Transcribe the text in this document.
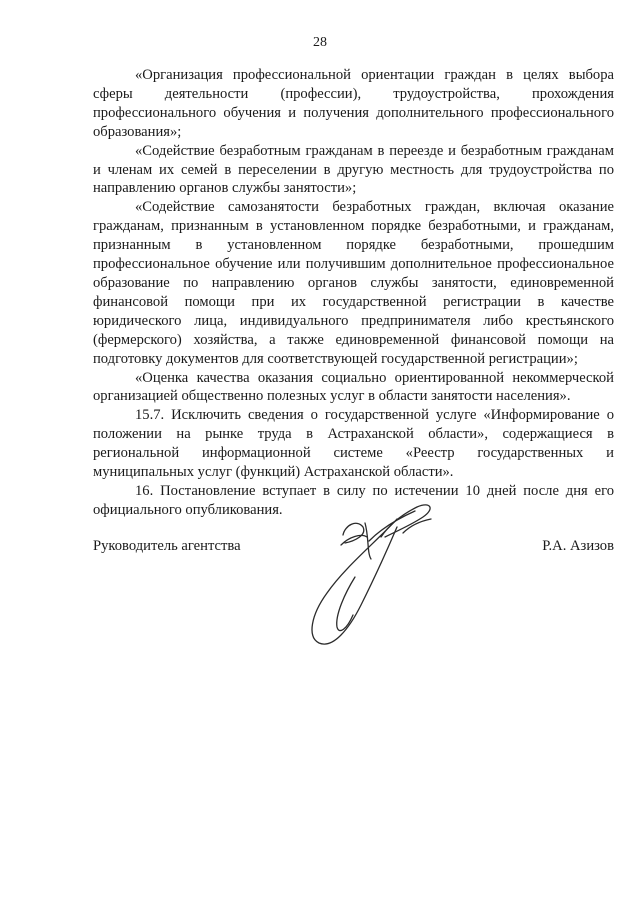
28

«Организация профессиональной ориентации граждан в целях выбора сферы деятельности (профессии), трудоустройства, прохождения профессионального обучения и получения дополнительного профессионального образования»;

«Содействие безработным гражданам в переезде и безработным гражданам и членам их семей в переселении в другую местность для трудоустройства по направлению органов службы занятости»;

«Содействие самозанятости безработных граждан, включая оказание гражданам, признанным в установленном порядке безработными, и гражданам, признанным в установленном порядке безработными, прошедшим профессиональное обучение или получившим дополнительное профессиональное образование по направлению органов службы занятости, единовременной финансовой помощи при их государственной регистрации в качестве юридического лица, индивидуального предпринимателя либо крестьянского (фермерского) хозяйства, а также единовременной финансовой помощи на подготовку документов для соответствующей государственной регистрации»;

«Оценка качества оказания социально ориентированной некоммерческой организацией общественно полезных услуг в области занятости населения».

15.7. Исключить сведения о государственной услуге «Информирование о положении на рынке труда в Астраханской области», содержащиеся в региональной информационной системе «Реестр государственных и муниципальных услуг (функций) Астраханской области».

16. Постановление вступает в силу по истечении 10 дней после дня его официального опубликования.

Руководитель агентства	Р.А. Азизов
